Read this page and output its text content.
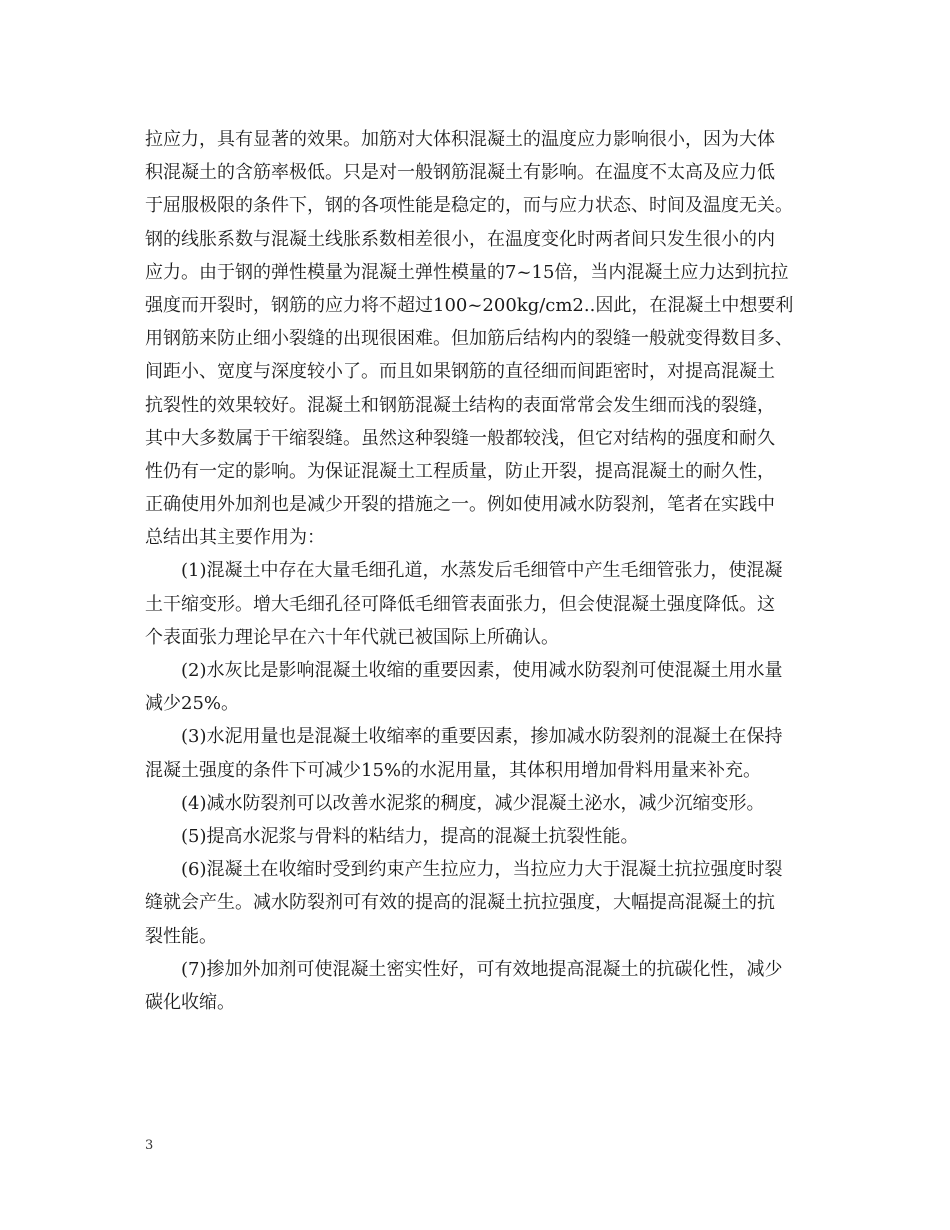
拉应力，具有显著的效果。加筋对大体积混凝土的温度应力影响很小，因为大体
积混凝土的含筋率极低。只是对一般钢筋混凝土有影响。在温度不太高及应力低
于屈服极限的条件下，钢的各项性能是稳定的，而与应力状态、时间及温度无关。
钢的线胀系数与混凝土线胀系数相差很小，在温度变化时两者间只发生很小的内
应力。由于钢的弹性模量为混凝土弹性模量的7~15倍，当内混凝土应力达到抗拉
强度而开裂时，钢筋的应力将不超过100~200kg/cm2..因此，在混凝土中想要利
用钢筋来防止细小裂缝的出现很困难。但加筋后结构内的裂缝一般就变得数目多、
间距小、宽度与深度较小了。而且如果钢筋的直径细而间距密时，对提高混凝土
抗裂性的效果较好。混凝土和钢筋混凝土结构的表面常常会发生细而浅的裂缝，
其中大多数属于干缩裂缝。虽然这种裂缝一般都较浅，但它对结构的强度和耐久
性仍有一定的影响。为保证混凝土工程质量，防止开裂，提高混凝土的耐久性，
正确使用外加剂也是减少开裂的措施之一。例如使用减水防裂剂，笔者在实践中
总结出其主要作用为：
　　(1)混凝土中存在大量毛细孔道，水蒸发后毛细管中产生毛细管张力，使混凝
土干缩变形。增大毛细孔径可降低毛细管表面张力，但会使混凝土强度降低。这
个表面张力理论早在六十年代就已被国际上所确认。
　　(2)水灰比是影响混凝土收缩的重要因素，使用减水防裂剂可使混凝土用水量
减少25%。
　　(3)水泥用量也是混凝土收缩率的重要因素，掺加减水防裂剂的混凝土在保持
混凝土强度的条件下可减少15%的水泥用量，其体积用增加骨料用量来补充。
　　(4)减水防裂剂可以改善水泥浆的稠度，减少混凝土泌水，减少沉缩变形。
　　(5)提高水泥浆与骨料的粘结力，提高的混凝土抗裂性能。
　　(6)混凝土在收缩时受到约束产生拉应力，当拉应力大于混凝土抗拉强度时裂
缝就会产生。减水防裂剂可有效的提高的混凝土抗拉强度，大幅提高混凝土的抗
裂性能。
　　(7)掺加外加剂可使混凝土密实性好，可有效地提高混凝土的抗碳化性，减少
碳化收缩。
3
